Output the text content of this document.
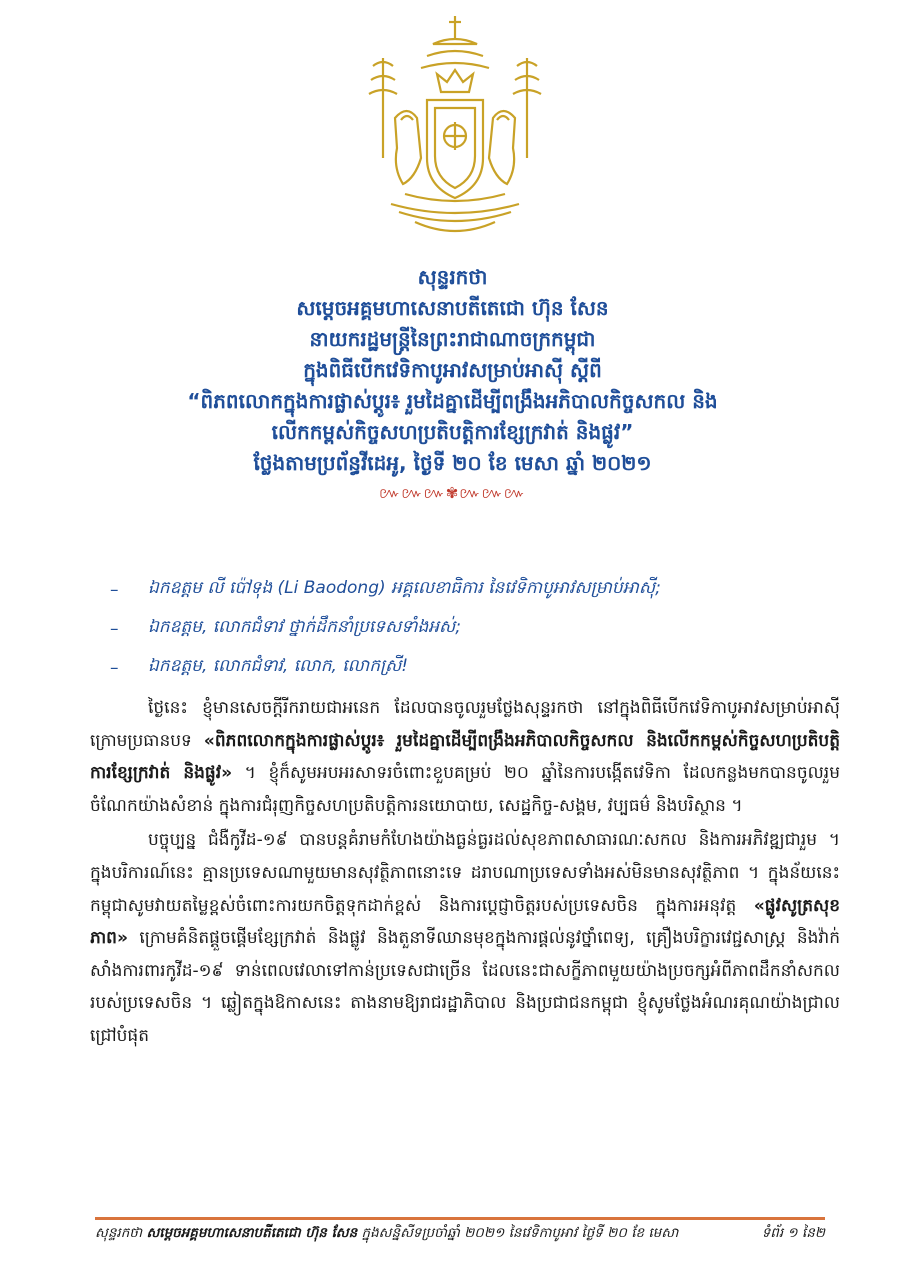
សុន្ទរកថា

សម្តេចអគ្គមហាសេនាបតីតេជោ ហ៊ុន សែន

នាយករដ្ឋមន្ត្រីនៃព្រះរាជាណាចក្រកម្ពុជា

ក្នុងពិធីបើកវេទិកាបូអាវសម្រាប់អាស៊ី ស្តីពី

“ពិភពលោកក្នុងការផ្លាស់ប្តូរ៖ រួមដៃគ្នាដើម្បីពង្រឹងអភិបាលកិច្ចសកល និង

លើកកម្ពស់កិច្ចសហប្រតិបត្តិការខ្សែក្រវាត់ និងផ្លូវ”

ថ្លែងតាមប្រព័ន្ធវីដេអូ, ថ្ងៃទី ២០ ខែ មេសា ឆ្នាំ ២០២១

៚៚៚✾៚៚៚
–	ឯកឧត្តម លី ប៉ៅទុង (Li Baodong) អគ្គលេខាធិការ នៃវេទិកាបូអាវសម្រាប់អាស៊ី;
–	ឯកឧត្តម, លោកជំទាវ ថ្នាក់ដឹកនាំប្រទេសទាំងអស់;
–	ឯកឧត្តម, លោកជំទាវ, លោក, លោកស្រី!

ថ្ងៃនេះ ខ្ញុំមានសេចក្តីរីករាយជាអនេក ដែលបានចូលរួមថ្លែងសុន្ទរកថា នៅក្នុងពិធីបើកវេទិកាបូអាវសម្រាប់អាស៊ី ក្រោមប្រធានបទ «ពិភពលោកក្នុងការផ្លាស់ប្តូរ៖ រួមដៃគ្នាដើម្បីពង្រឹងអភិបាលកិច្ចសកល និងលើកកម្ពស់កិច្ចសហប្រតិបត្តិការខ្សែក្រវាត់ និងផ្លូវ» ។ ខ្ញុំក៏សូមអបអរសាទរចំពោះខួបគម្រប់ ២០ ឆ្នាំនៃការបង្កើតវេទិកា ដែលកន្លងមកបានចូលរួមចំណែកយ៉ាងសំខាន់ ក្នុងការជំរុញកិច្ចសហប្រតិបត្តិការនយោបាយ, សេដ្ឋកិច្ច-សង្គម, វប្បធម៌ និងបរិស្ថាន ។

បច្ចុប្បន្ន ជំងឺកូវីដ-១៩ បានបន្តគំរាមកំហែងយ៉ាងធ្ងន់ធ្ងរដល់សុខភាពសាធារណៈសកល និងការអភិវឌ្ឍជារួម ។ ក្នុងបរិការណ៍នេះ គ្មានប្រទេសណាមួយមានសុវត្ថិភាពនោះទេ ដរាបណាប្រទេសទាំងអស់មិនមានសុវត្ថិភាព ។ ក្នុងន័យនេះ កម្ពុជាសូមវាយតម្លៃខ្ពស់ចំពោះការយកចិត្តទុកដាក់ខ្ពស់ និងការប្តេជ្ញាចិត្តរបស់ប្រទេសចិន ក្នុងការអនុវត្ត «ផ្លូវសូត្រសុខភាព» ក្រោមគំនិតផ្តួចផ្តើមខ្សែក្រវាត់ និងផ្លូវ និងតួនាទីឈានមុខក្នុងការផ្តល់នូវថ្នាំពេទ្យ, គ្រឿងបរិក្ខារវេជ្ជសាស្ត្រ និងវ៉ាក់សាំងការពារកូវីដ-១៩ ទាន់ពេលវេលាទៅកាន់ប្រទេសជាច្រើន ដែលនេះជាសក្ខីភាពមួយយ៉ាងប្រចក្សអំពីភាពដឹកនាំសកលរបស់ប្រទេសចិន ។ ឆ្លៀតក្នុងឱកាសនេះ តាងនាមឱ្យរាជរដ្ឋាភិបាល និងប្រជាជនកម្ពុជា ខ្ញុំសូមថ្លែងអំណរគុណយ៉ាងជ្រាលជ្រៅបំផុត

សុន្ទរកថា សម្តេចអគ្គមហាសេនាបតីតេជោ ហ៊ុន សែន ក្នុងសន្និសីទប្រចាំឆ្នាំ ២០២១ នៃវេទិកាបូអាវ ថ្ងៃទី ២០ ខែ មេសា	ទំព័រ ១ នៃ២
